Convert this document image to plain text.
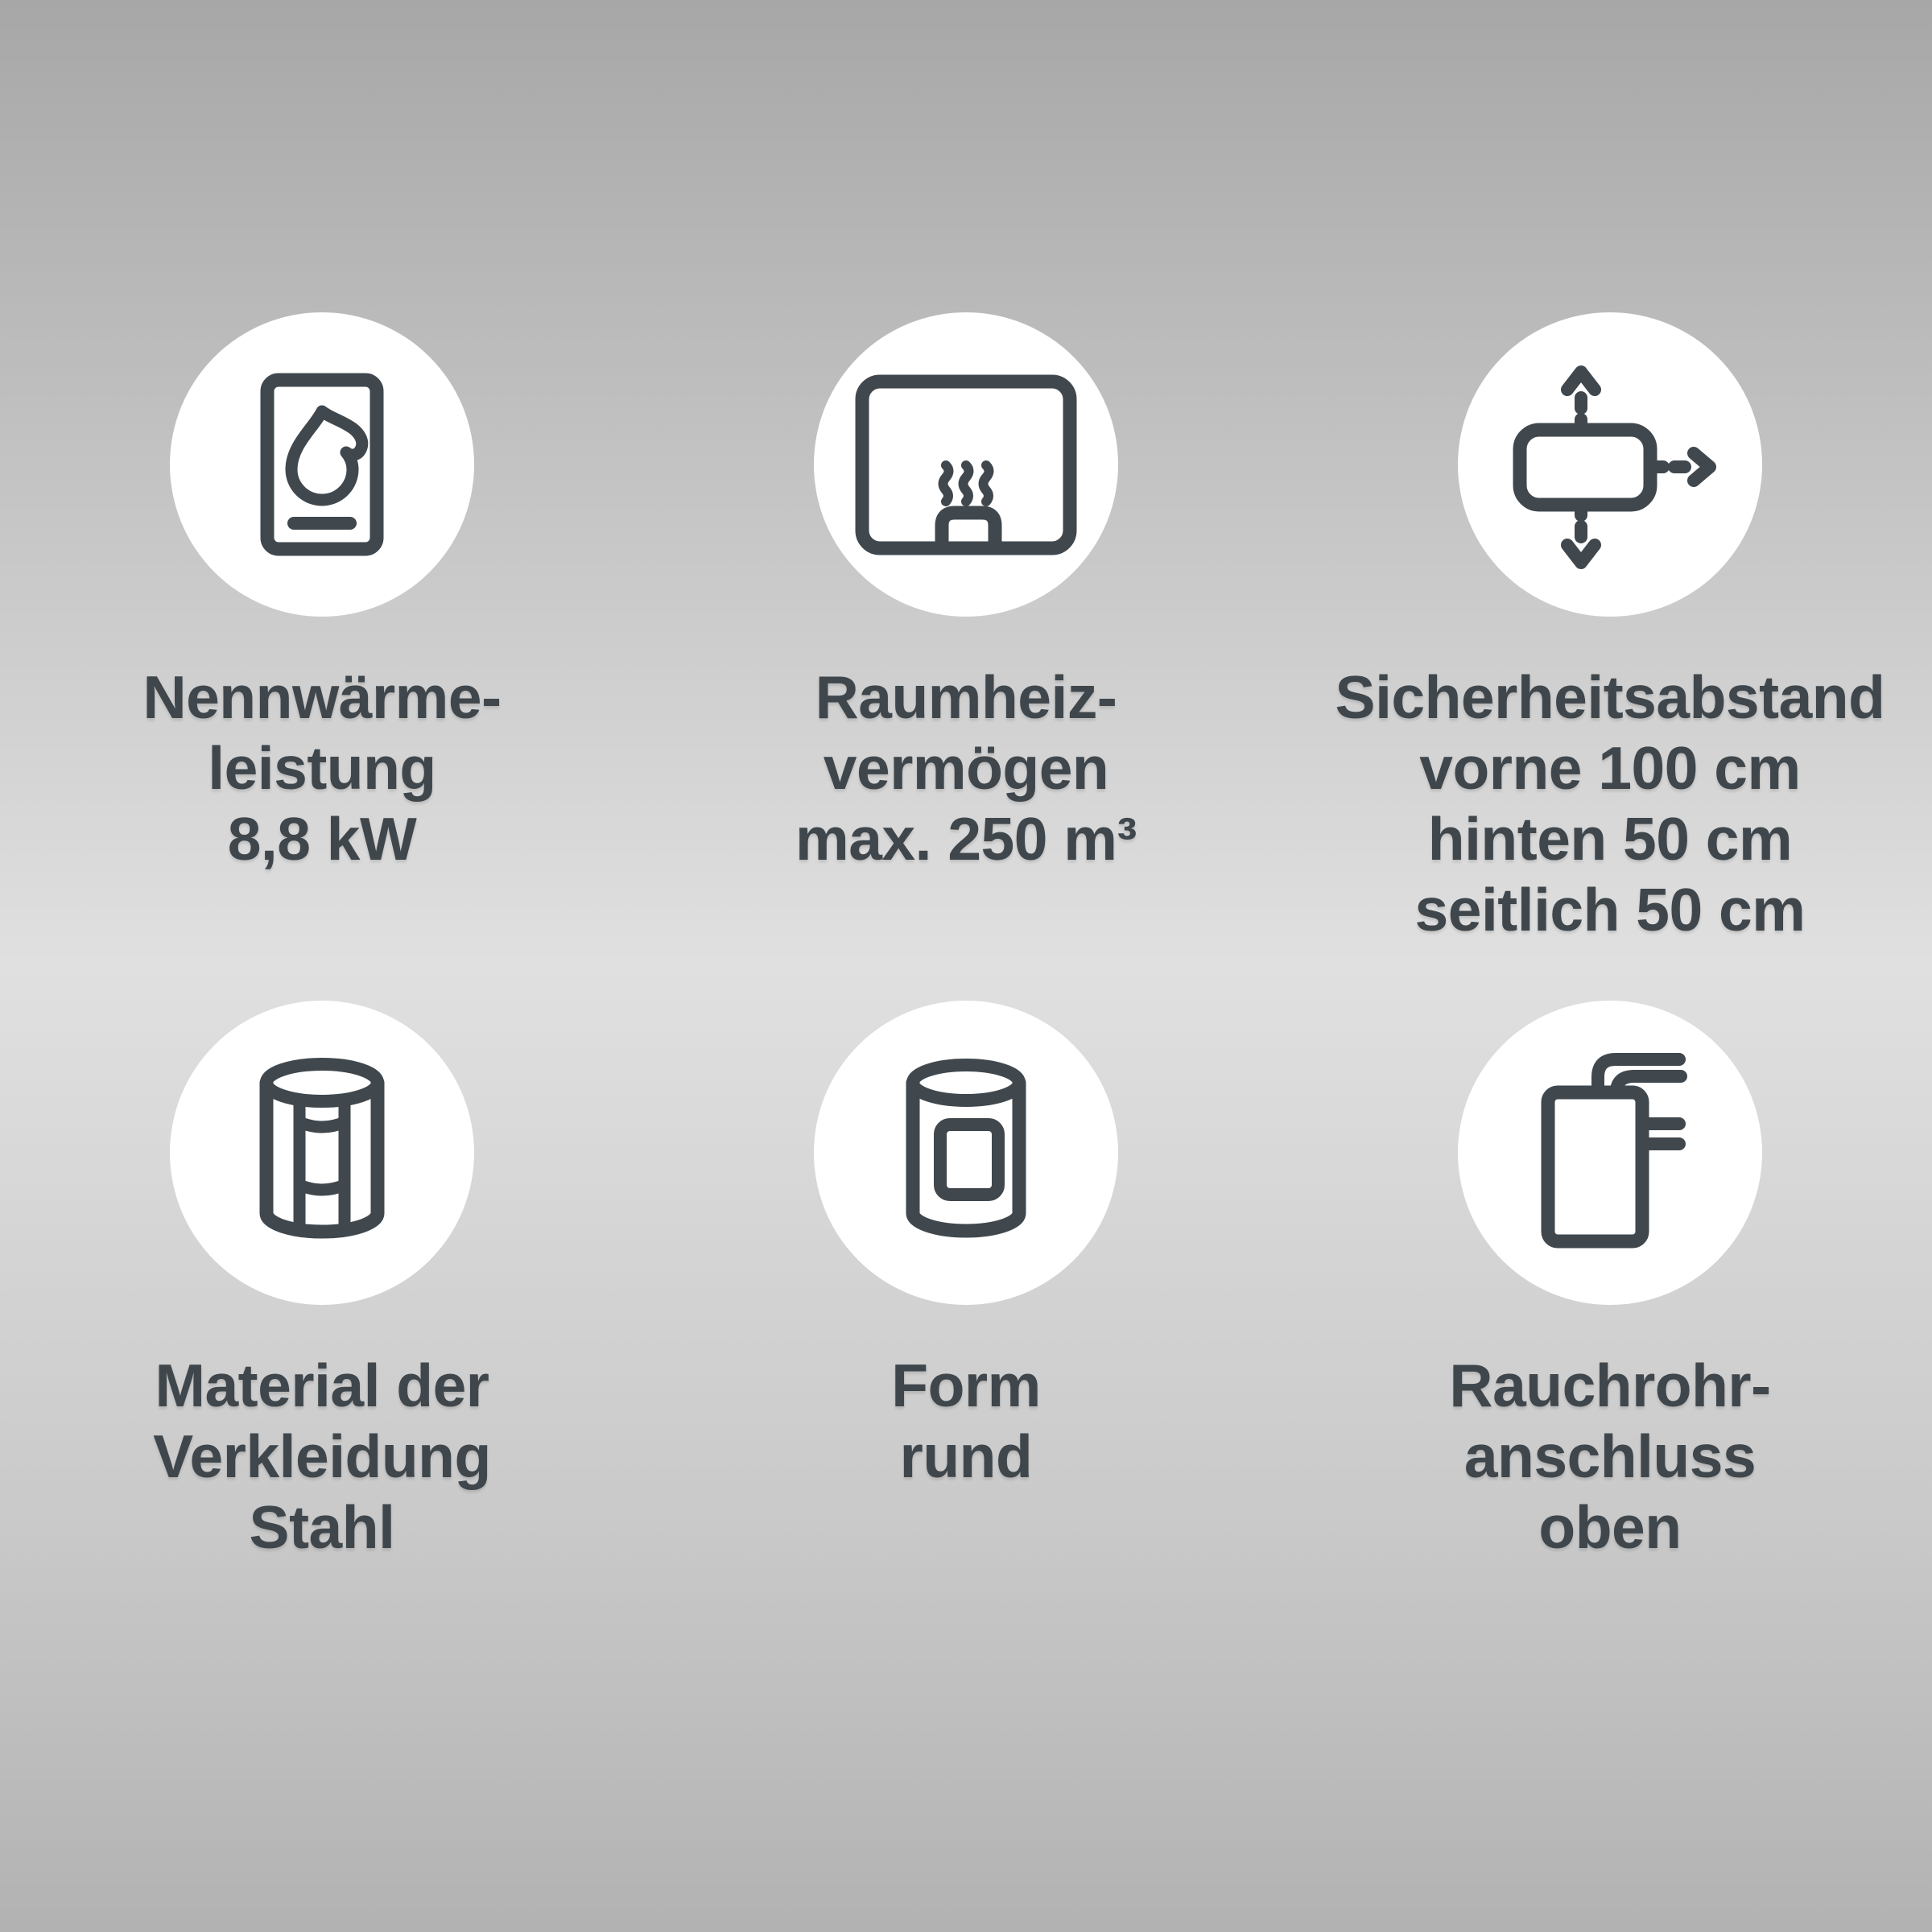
Nennwärme-
leistung
8,8 kW
Raumheiz-
vermögen
max. 250 m³
Sicherheitsabstand
vorne 100 cm
hinten 50 cm
seitlich 50 cm
Material der
Verkleidung
Stahl
Form
rund
Rauchrohr-
anschluss
oben
